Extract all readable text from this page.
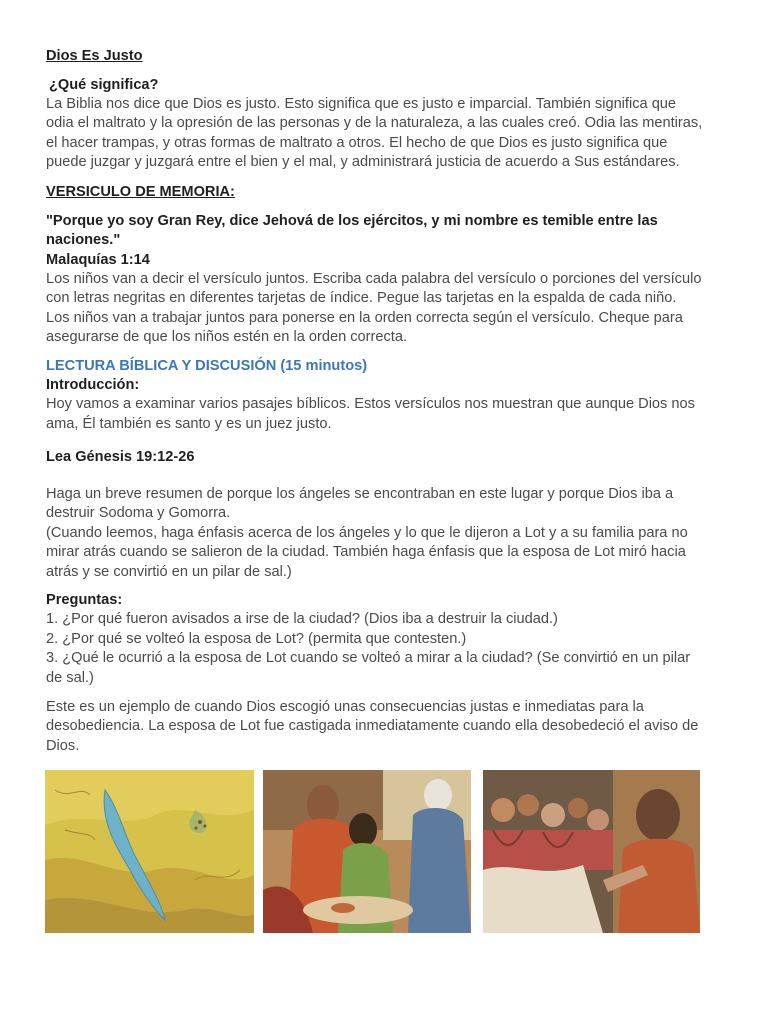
Dios Es Justo

¿Qué significa?

La Biblia nos dice que Dios es justo. Esto significa que es justo e imparcial. También significa que
odia el maltrato y la opresión de las personas y de la naturaleza, a las cuales creó. Odia las mentiras,
el hacer trampas, y otras formas de maltrato a otros. El hecho de que Dios es justo significa que
puede juzgar y juzgará entre el bien y el mal, y administrará justicia de acuerdo a Sus estándares.

VERSICULO DE MEMORIA:

"Porque yo soy Gran Rey, dice Jehová de los ejércitos, y mi nombre es temible entre las
naciones."
Malaquías 1:14
Los niños van a decir el versículo juntos. Escriba cada palabra del versículo o porciones del versículo
con letras negritas en diferentes tarjetas de índice. Pegue las tarjetas en la espalda de cada niño.
Los niños van a trabajar juntos para ponerse en la orden correcta según el versículo. Cheque para
asegurarse de que los niños estén en la orden correcta.

LECTURA BÍBLICA Y DISCUSIÓN (15 minutos)

Introducción:
Hoy vamos a examinar varios pasajes bíblicos. Estos versículos nos muestran que aunque Dios nos
ama, Él también es santo y es un juez justo.

Lea Génesis 19:12-26

Haga un breve resumen de porque los ángeles se encontraban en este lugar y porque Dios iba a
destruir Sodoma y Gomorra.
(Cuando leemos, haga énfasis acerca de los ángeles y lo que le dijeron a Lot y a su familia para no
mirar atrás cuando se salieron de la ciudad. También haga énfasis que la esposa de Lot miró hacia
atrás y se convirtió en un pilar de sal.)
Preguntas:
1. ¿Por qué fueron avisados a irse de la ciudad? (Dios iba a destruir la ciudad.)
2. ¿Por qué se volteó la esposa de Lot? (permita que contesten.)
3. ¿Qué le ocurrió a la esposa de Lot cuando se volteó a mirar a la ciudad? (Se convirtió en un pilar
de sal.)
Este es un ejemplo de cuando Dios escogió unas consecuencias justas e inmediatas para la
desobediencia. La esposa de Lot fue castigada inmediatamente cuando ella desobedeció el aviso de
Dios.
